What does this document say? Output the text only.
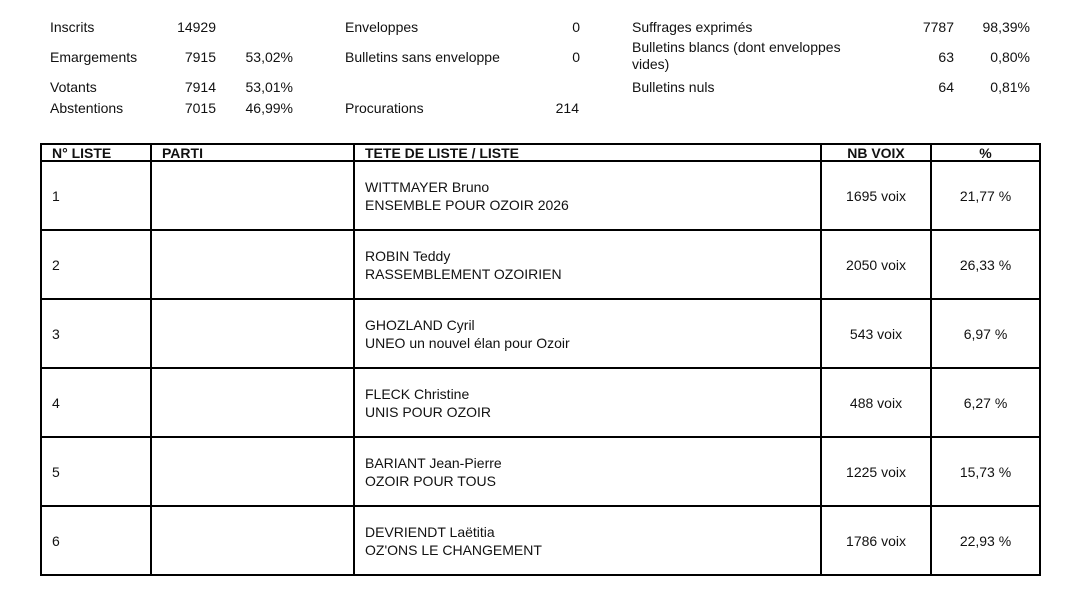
Inscrits	14929
Emargements	7915	53,02%
Votants	7914	53,01%
Abstentions	7015	46,99%
Enveloppes	0
Bulletins sans enveloppe	0
Procurations	214
Suffrages exprimés	7787	98,39%
Bulletins blancs (dont enveloppes vides)	63	0,80%
Bulletins nuls	64	0,81%
N° LISTE	PARTI	TETE DE LISTE / LISTE	NB VOIX	%
1		WITTMAYER Bruno
ENSEMBLE POUR OZOIR 2026	1695 voix	21,77 %
2		ROBIN Teddy
RASSEMBLEMENT OZOIRIEN	2050 voix	26,33 %
3		GHOZLAND Cyril
UNEO un nouvel élan pour Ozoir	543 voix	6,97 %
4		FLECK Christine
UNIS POUR OZOIR	488 voix	6,27 %
5		BARIANT Jean-Pierre
OZOIR POUR TOUS	1225 voix	15,73 %
6		DEVRIENDT Laëtitia
OZ'ONS LE CHANGEMENT	1786 voix	22,93 %
